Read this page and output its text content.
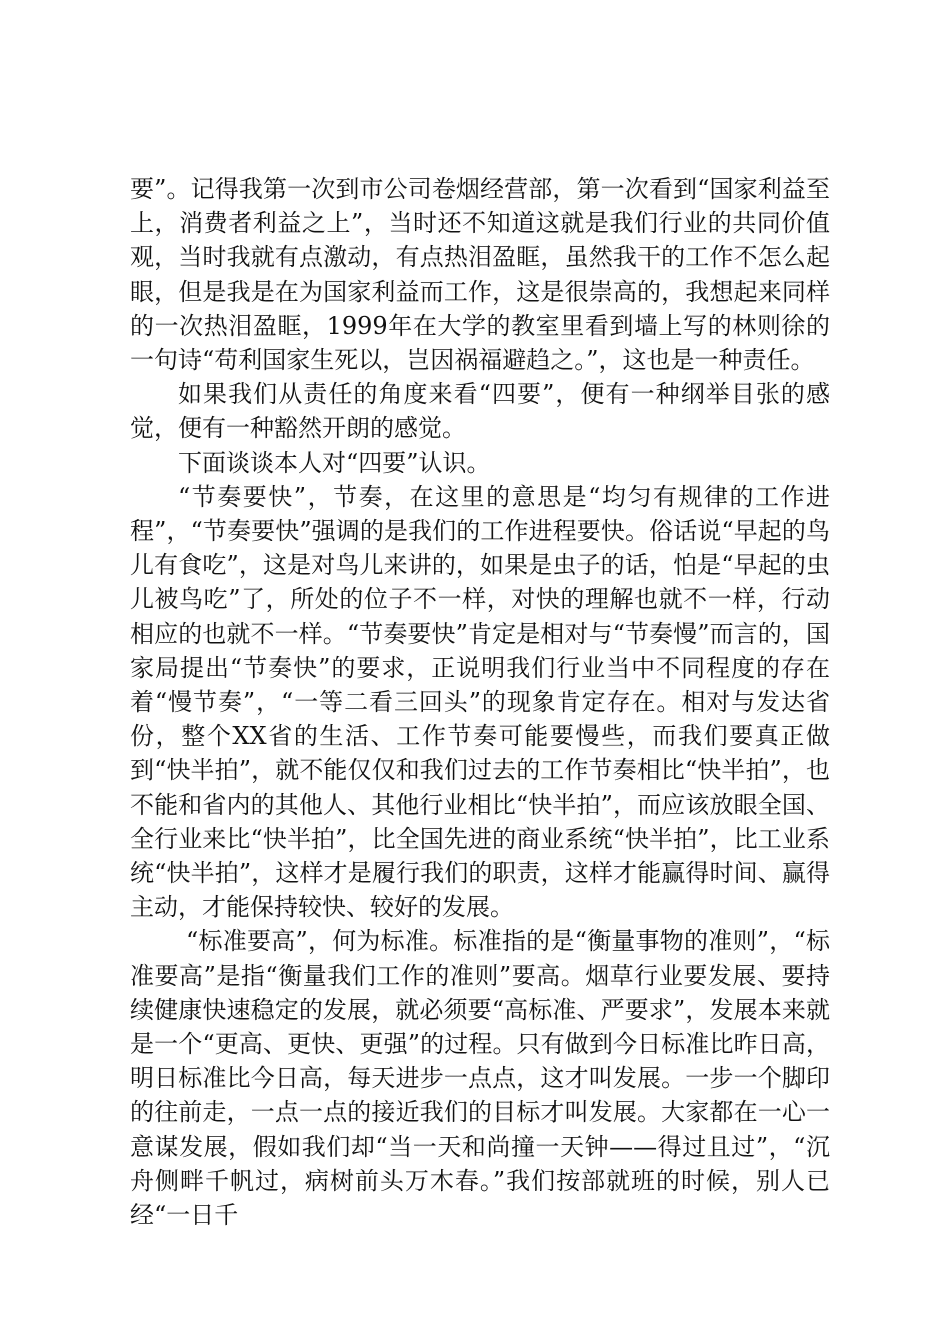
要”。记得我第一次到市公司卷烟经营部，第一次看到“国家利益至上，消费者利益之上”，当时还不知道这就是我们行业的共同价值观，当时我就有点激动，有点热泪盈眶，虽然我干的工作不怎么起眼，但是我是在为国家利益而工作，这是很崇高的，我想起来同样的一次热泪盈眶，1999年在大学的教室里看到墙上写的林则徐的一句诗“苟利国家生死以，岂因祸福避趋之。”，这也是一种责任。

如果我们从责任的角度来看“四要”，便有一种纲举目张的感觉，便有一种豁然开朗的感觉。

下面谈谈本人对“四要”认识。

“节奏要快”，节奏，在这里的意思是“均匀有规律的工作进程”，“节奏要快”强调的是我们的工作进程要快。俗话说“早起的鸟儿有食吃”，这是对鸟儿来讲的，如果是虫子的话，怕是“早起的虫儿被鸟吃”了，所处的位子不一样，对快的理解也就不一样，行动相应的也就不一样。“节奏要快”肯定是相对与“节奏慢”而言的，国家局提出“节奏快”的要求，正说明我们行业当中不同程度的存在着“慢节奏”，“一等二看三回头”的现象肯定存在。相对与发达省份，整个XX省的生活、工作节奏可能要慢些，而我们要真正做到“快半拍”，就不能仅仅和我们过去的工作节奏相比“快半拍”，也不能和省内的其他人、其他行业相比“快半拍”，而应该放眼全国、全行业来比“快半拍”，比全国先进的商业系统“快半拍”，比工业系统“快半拍”，这样才是履行我们的职责，这样才能赢得时间、赢得主动，才能保持较快、较好的发展。

“标准要高”，何为标准。标准指的是“衡量事物的准则”，“标准要高”是指“衡量我们工作的准则”要高。烟草行业要发展、要持续健康快速稳定的发展，就必须要“高标准、严要求”，发展本来就是一个“更高、更快、更强”的过程。只有做到今日标准比昨日高，明日标准比今日高，每天进步一点点，这才叫发展。一步一个脚印的往前走，一点一点的接近我们的目标才叫发展。大家都在一心一意谋发展，假如我们却“当一天和尚撞一天钟——得过且过”，“沉舟侧畔千帆过，病树前头万木春。”我们按部就班的时候，别人已经“一日千
